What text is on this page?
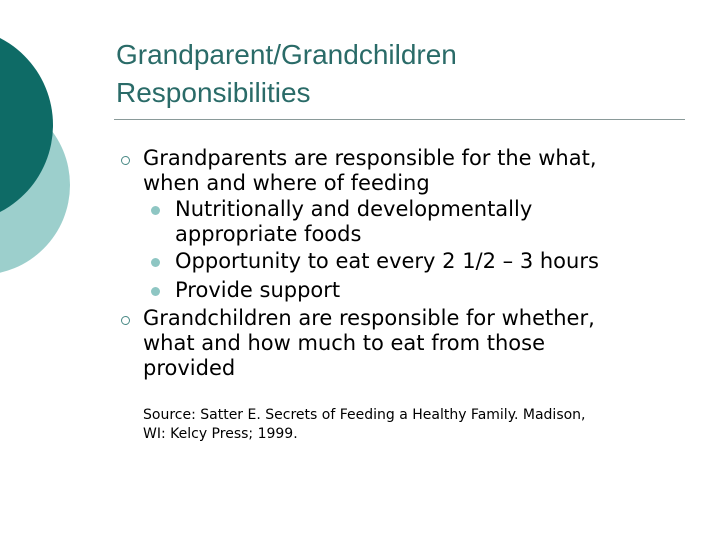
Grandparent/Grandchildren
Responsibilities
Grandparents are responsible for the what,
when and where of feeding
Nutritionally and developmentally
appropriate foods
Opportunity to eat every 2 1/2 – 3 hours
Provide support
Grandchildren are responsible for whether,
what and how much to eat from those
provided
Source: Satter E. Secrets of Feeding a Healthy Family. Madison,
WI: Kelcy Press; 1999.
